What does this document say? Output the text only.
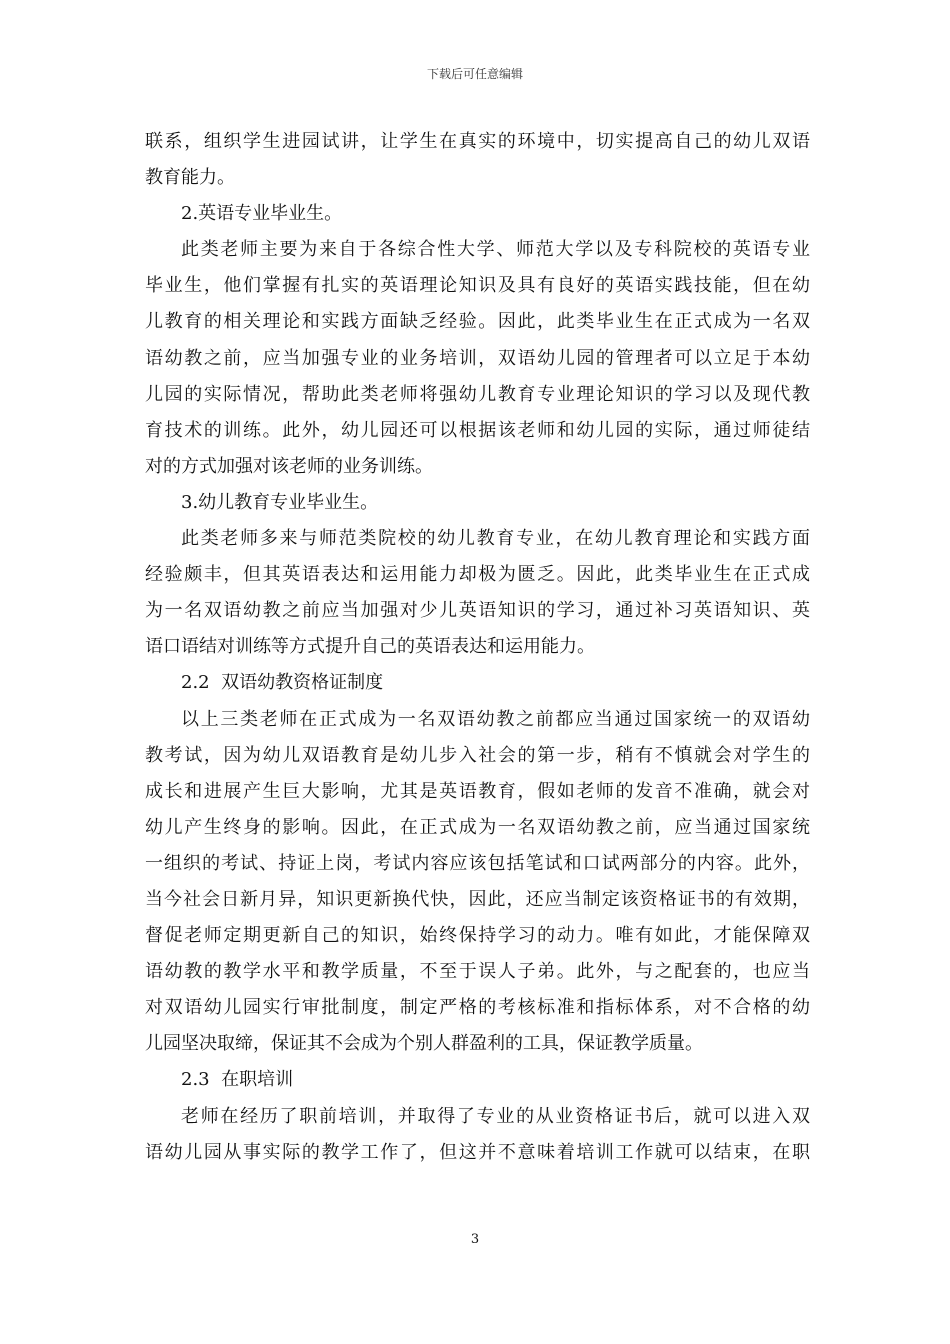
下载后可任意编辑
联系，组织学生进园试讲，让学生在真实的环境中，切实提高自己的幼儿双语
教育能力。
2.英语专业毕业生。
此类老师主要为来自于各综合性大学、师范大学以及专科院校的英语专业
毕业生，他们掌握有扎实的英语理论知识及具有良好的英语实践技能，但在幼
儿教育的相关理论和实践方面缺乏经验。因此，此类毕业生在正式成为一名双
语幼教之前，应当加强专业的业务培训，双语幼儿园的管理者可以立足于本幼
儿园的实际情况，帮助此类老师将强幼儿教育专业理论知识的学习以及现代教
育技术的训练。此外，幼儿园还可以根据该老师和幼儿园的实际，通过师徒结
对的方式加强对该老师的业务训练。
3.幼儿教育专业毕业生。
此类老师多来与师范类院校的幼儿教育专业，在幼儿教育理论和实践方面
经验颇丰，但其英语表达和运用能力却极为匮乏。因此，此类毕业生在正式成
为一名双语幼教之前应当加强对少儿英语知识的学习，通过补习英语知识、英
语口语结对训练等方式提升自己的英语表达和运用能力。
2.2  双语幼教资格证制度
以上三类老师在正式成为一名双语幼教之前都应当通过国家统一的双语幼
教考试，因为幼儿双语教育是幼儿步入社会的第一步，稍有不慎就会对学生的
成长和进展产生巨大影响，尤其是英语教育，假如老师的发音不准确，就会对
幼儿产生终身的影响。因此，在正式成为一名双语幼教之前，应当通过国家统
一组织的考试、持证上岗，考试内容应该包括笔试和口试两部分的内容。此外，
当今社会日新月异，知识更新换代快，因此，还应当制定该资格证书的有效期，
督促老师定期更新自己的知识，始终保持学习的动力。唯有如此，才能保障双
语幼教的教学水平和教学质量，不至于误人子弟。此外，与之配套的，也应当
对双语幼儿园实行审批制度，制定严格的考核标准和指标体系，对不合格的幼
儿园坚决取缔，保证其不会成为个别人群盈利的工具，保证教学质量。
2.3  在职培训
老师在经历了职前培训，并取得了专业的从业资格证书后，就可以进入双
语幼儿园从事实际的教学工作了，但这并不意味着培训工作就可以结束，在职
3
